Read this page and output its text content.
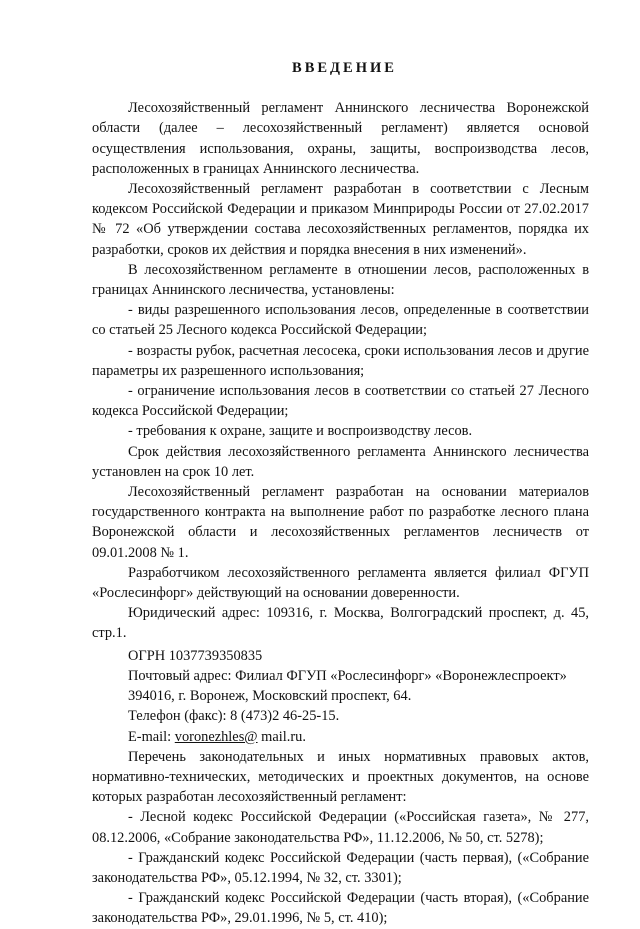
ВВЕДЕНИЕ

Лесохозяйственный регламент Аннинского лесничества Воронежской области (далее – лесохозяйственный регламент) является основой осуществления использования, охраны, защиты, воспроизводства лесов, расположенных в границах Аннинского лесничества.

Лесохозяйственный регламент разработан в соответствии с Лесным кодексом Российской Федерации и приказом Минприроды России от 27.02.2017 № 72 «Об утверждении состава лесохозяйственных регламентов, порядка их разработки, сроков их действия и порядка внесения в них изменений».

В лесохозяйственном регламенте в отношении лесов, расположенных в границах Аннинского лесничества, установлены:

- виды разрешенного использования лесов, определенные в соответствии со статьей 25 Лесного кодекса Российской Федерации;

- возрасты рубок, расчетная лесосека, сроки использования лесов и другие параметры их разрешенного использования;

- ограничение использования лесов в соответствии со статьей 27 Лесного кодекса Российской Федерации;

- требования к охране, защите и воспроизводству лесов.

Срок действия лесохозяйственного регламента Аннинского лесничества установлен на срок 10 лет.

Лесохозяйственный регламент разработан на основании материалов государственного контракта на выполнение работ по разработке лесного плана Воронежской области и лесохозяйственных регламентов лесничеств от 09.01.2008 № 1.

Разработчиком лесохозяйственного регламента является филиал ФГУП «Рослесинфорг» действующий на основании доверенности.

Юридический адрес: 109316, г. Москва, Волгоградский проспект, д. 45, стр.1.

ОГРН 1037739350835

Почтовый адрес: Филиал ФГУП «Рослесинфорг» «Воронежлеспроект»

394016, г. Воронеж, Московский проспект, 64.

Телефон (факс): 8 (473)2 46-25-15.

E-mail: voronezhles@ mail.ru.

Перечень законодательных и иных нормативных правовых актов, нормативно-технических, методических и проектных документов, на основе которых разработан лесохозяйственный регламент:

- Лесной кодекс Российской Федерации («Российская газета», № 277, 08.12.2006, «Собрание законодательства РФ», 11.12.2006, № 50, ст. 5278);

- Гражданский кодекс Российской Федерации (часть первая), («Собрание законодательства РФ», 05.12.1994, № 32, ст. 3301);

- Гражданский кодекс Российской Федерации (часть вторая), («Собрание законодательства РФ», 29.01.1996, № 5, ст. 410);
